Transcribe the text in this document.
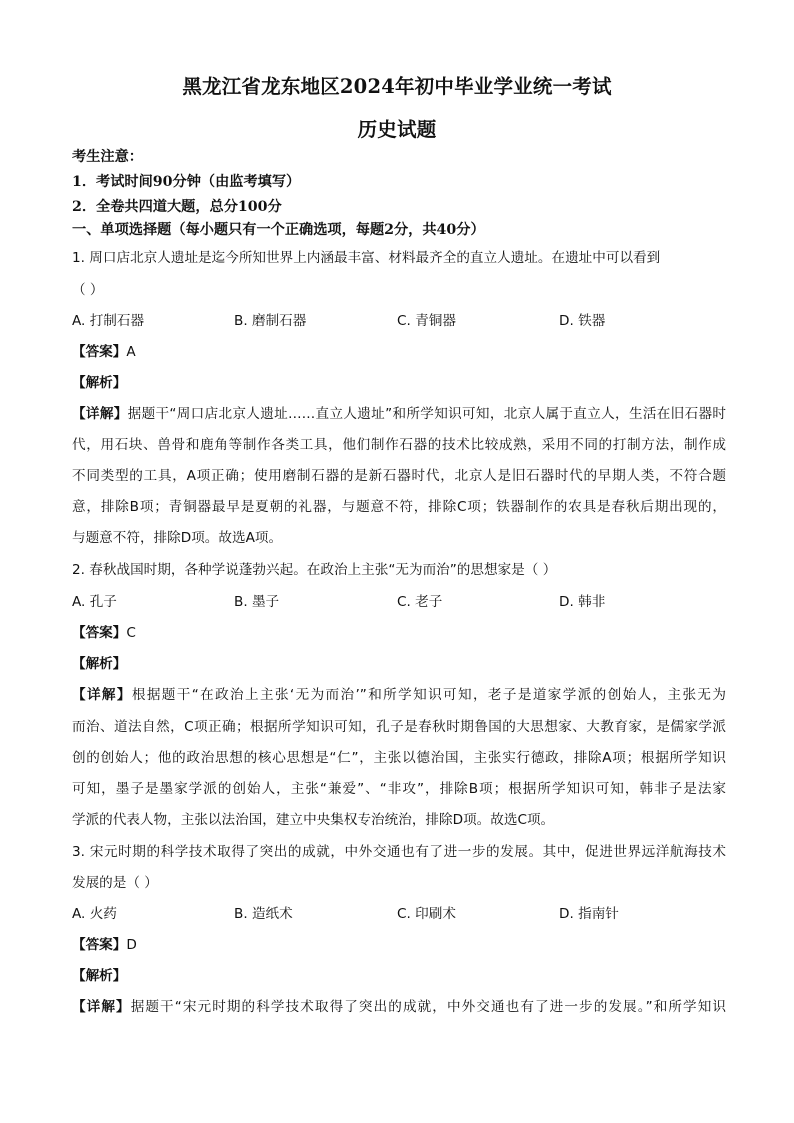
黑龙江省龙东地区2024年初中毕业学业统一考试
历史试题
考生注意：
1．考试时间90分钟（由监考填写）
2．全卷共四道大题，总分100分
一、单项选择题（每小题只有一个正确选项，每题2分，共40分）
1. 周口店北京人遗址是迄今所知世界上内涵最丰富、材料最齐全的直立人遗址。在遗址中可以看到
（ ）
A. 打制石器	B. 磨制石器	C. 青铜器	D. 铁器
【答案】A
【解析】
【详解】据题干“周口店北京人遗址……直立人遗址”和所学知识可知，北京人属于直立人，生活在旧石器时
代，用石块、兽骨和鹿角等制作各类工具，他们制作石器的技术比较成熟，采用不同的打制方法，制作成
不同类型的工具，A项正确；使用磨制石器的是新石器时代，北京人是旧石器时代的早期人类，不符合题
意，排除B项；青铜器最早是夏朝的礼器，与题意不符，排除C项；铁器制作的农具是春秋后期出现的，
与题意不符，排除D项。故选A项。
2. 春秋战国时期，各种学说蓬勃兴起。在政治上主张“无为而治”的思想家是（ ）
A. 孔子	B. 墨子	C. 老子	D. 韩非
【答案】C
【解析】
【详解】根据题干“在政治上主张‘无为而治’”和所学知识可知，老子是道家学派的创始人，主张无为
而治、道法自然，C项正确；根据所学知识可知，孔子是春秋时期鲁国的大思想家、大教育家，是儒家学派
创的创始人；他的政治思想的核心思想是“仁”，主张以德治国，主张实行德政，排除A项；根据所学知识
可知，墨子是墨家学派的创始人，主张“兼爱”、“非攻”，排除B项；根据所学知识可知，韩非子是法家
学派的代表人物，主张以法治国，建立中央集权专治统治，排除D项。故选C项。
3. 宋元时期的科学技术取得了突出的成就，中外交通也有了进一步的发展。其中，促进世界远洋航海技术
发展的是（ ）
A. 火药	B. 造纸术	C. 印刷术	D. 指南针
【答案】D
【解析】
【详解】据题干“宋元时期的科学技术取得了突出的成就，中外交通也有了进一步的发展。”和所学知识
